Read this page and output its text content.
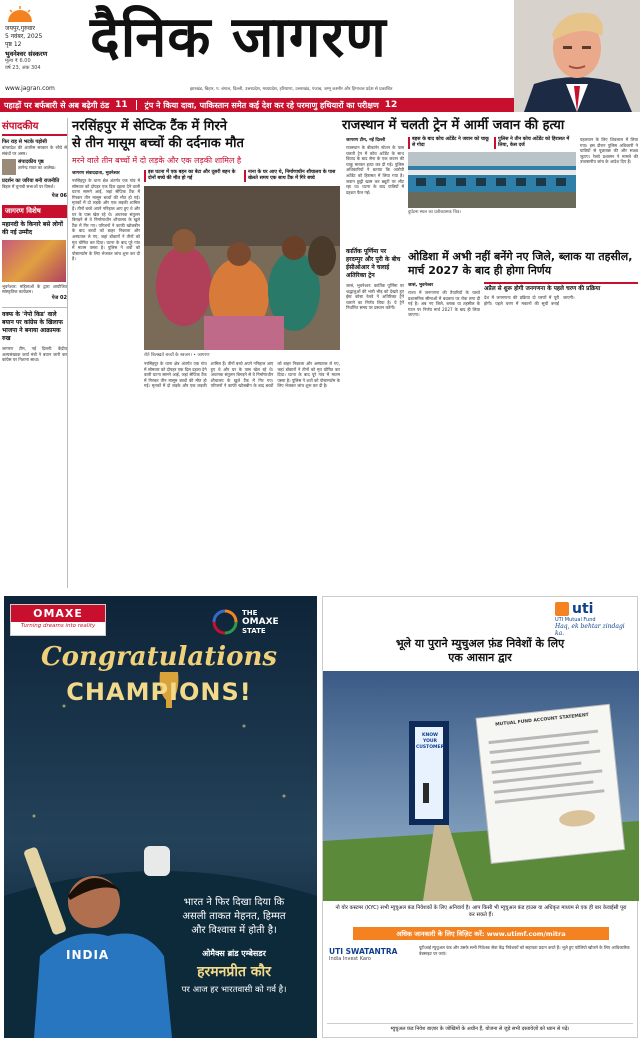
जयपुर,गुरुवार
5 नवंबर, 2025
पृष्ठ 12
भुवनेश्वर संस्करण
मूल्य ₹ 6.00
वर्ष 23, अंक 304 दैनिक जागरण
www.jagran.com	झारखंड, बिहार, प. बंगाल, दिल्ली, उत्तरप्रदेश, मध्यप्रदेश, हरियाणा, उत्तराखंड, पंजाब, जम्मू कश्मीर और हिमाचल प्रदेश से प्रकाशित
पहाड़ों पर बर्फबारी से अब बढ़ेगी ठंड 11 ट्रंप ने किया दावा, पाकिस्तान समेत कई देश कर रहे परमाणु हथियारों का परीक्षण 12
संपादकीय
फिर राह से भटके पड़ोसी
बांग्लादेश की अंतरिम सरकार के रवैये से संबंधों पर असर।
संपादकीय पृष्ठ
ज्ञानेन्द्र रावत का आलेख।
प्रदर्शन का जरिया बनी राजनीति
बिहार में चुनावी सभाओं पर विमर्श।
पेज 06
जागरण विशेष
महानदी के किनारे बसे लोगों की नई उम्मीद
भुवनेश्वर: महिलाओं के द्वारा आयोजित सांस्कृतिक कार्यक्रम।
पेज 02
वक्फ के 'नेपो किड' वाले बयान पर कांग्रेस के खिलाफ भाजपा ने बनाया आक्रामक रुख
जागरण टीम, नई दिल्ली: केंद्रीय अल्पसंख्यक कार्य मंत्री ने बयान जारी कर कांग्रेस पर निशाना साधा।
नरसिंहपुर में सेप्टिक टैंक में गिरने
से तीन मासूम बच्चों की दर्दनाक मौत
मरने वाले तीन बच्चों में दो लड़के और एक लड़की शामिल है
जागरण संवाददाता, भुवनेश्वर
नरसिंहपुर के थाना क्षेत्र अंतर्गत एक गांव में सोमवार को दोपहर एक दिल दहला देने वाली घटना सामने आई, जहां सेप्टिक टैंक में गिरकर तीन मासूम बच्चों की मौत हो गई। मृतकों में दो लड़के और एक लड़की शामिल हैं। तीनों बच्चे अपने ननिहाल आए हुए थे और घर के पास खेल रहे थे। अचानक संतुलन बिगड़ने से वे निर्माणाधीन शौचालय के खुले टैंक में गिर गए। परिजनों ने काफी खोजबीन के बाद बच्चों को बाहर निकाला और अस्पताल ले गए, जहां डॉक्टरों ने तीनों को मृत घोषित कर दिया। घटना के बाद पूरे गांव में मातम पसरा है। पुलिस ने शवों को पोस्टमार्टम के लिए भेजकर जांच शुरू कर दी है।
इस घटना में एक बहन का बेटा और दूसरी बहन के दोनों बच्चे की मौत हो गई
नाना के घर आए थे, निर्माणाधीन शौचालय के पास खेलते समय एक साथ टैंक में गिरे बच्चे
रोते बिलखते बच्चों के स्वजन। • जागरण
नरसिंहपुर के थाना क्षेत्र अंतर्गत एक गांव में सोमवार को दोपहर एक दिल दहला देने वाली घटना सामने आई, जहां सेप्टिक टैंक में गिरकर तीन मासूम बच्चों की मौत हो गई। मृतकों में दो लड़के और एक लड़की शामिल हैं। तीनों बच्चे अपने ननिहाल आए हुए थे और घर के पास खेल रहे थे। अचानक संतुलन बिगड़ने से वे निर्माणाधीन शौचालय के खुले टैंक में गिर गए। परिजनों ने काफी खोजबीन के बाद बच्चों को बाहर निकाला और अस्पताल ले गए, जहां डॉक्टरों ने तीनों को मृत घोषित कर दिया। घटना के बाद पूरे गांव में मातम पसरा है। पुलिस ने शवों को पोस्टमार्टम के लिए भेजकर जांच शुरू कर दी है।
राजस्थान में चलती ट्रेन में आर्मी जवान की हत्या
जागरण टीम, नई दिल्ली
राजस्थान के बीकानेर स्टेशन के पास चलती ट्रेन में कोच अटेंडेंट के साथ विवाद के बाद सेना के एक जवान की चाकू मारकर हत्या कर दी गई। पुलिस अधिकारियों ने बताया कि आरोपी अटेंडेंट को हिरासत में लिया गया है। जवान छुट्टी खत्म कर ड्यूटी पर लौट रहा था। घटना के बाद यात्रियों में दहशत फैल गई।
बहस के बाद कोच अटेंडेंट ने जवान को चाकू से गोदा
पुलिस ने तीन कोच अटेंडेंट को हिरासत में लिया, केस दर्ज
दुर्घटना स्थल का प्रतीकात्मक चित्र।
पहलवान के लिए शिवलाल में लिया गया। इस दौरान पुलिस अधिकारी ने यात्रियों से पूछताछ की और साक्ष्य जुटाए। रेलवे प्रशासन ने मामले की उच्चस्तरीय जांच के आदेश दिए हैं।
कार्तिक पूर्णिमा पर हरदम्पुर और पुरी के बीच ईसीओआर ने चलाई अतिरिक्त ट्रेन
जासं, भुवनेश्वर: कार्तिक पूर्णिमा पर श्रद्धालुओं की भारी भीड़ को देखते हुए ईस्ट कोस्ट रेलवे ने अतिरिक्त ट्रेनें चलाने का निर्णय लिया है। ये ट्रेनें निर्धारित समय पर प्रस्थान करेंगी।
ओडिशा में अभी नहीं बनेंगे नए जिले, ब्लाक या तहसील, मार्च 2027 के बाद ही होगा निर्णय
जासं, भुवनेश्वर
राज्य में जनगणना की तैयारियों के चलते प्रशासनिक सीमाओं में बदलाव पर रोक लगा दी गई है। अब नए जिले, ब्लाक या तहसील के गठन पर निर्णय मार्च 2027 के बाद ही लिया जाएगा।
अप्रैल से शुरू होगी जनगणना के पहले चरण की प्रक्रिया
देश में जनगणना की प्रक्रिया दो चरणों में पूरी होगी। पहले चरण में मकानों की सूची बनाई जाएगी।
OMAXE
Turning dreams into reality
THE
OMAXE
STATE
Congratulations
CHAMPIONS!
INDIA
भारत ने फिर दिखा दिया कि
असली ताकत मेहनत, हिम्मत
और विश्वास में होती है।
ओमैक्स ब्रांड एम्बेसडर
हरमनप्रीत कौर
पर आज हर भारतवासी को गर्व है।
uti
UTI Mutual Fund
Haq, ek behtar zindagi ka.
भूले या पुराने म्युचुअल फ़ंड निवेशों के लिए
एक आसान द्वार
KNOW YOUR CUSTOMER
MUTUAL FUND ACCOUNT STATEMENT
नो योर कस्टमर (KYC) सभी म्युचुअल फ़ंड निवेशकों के लिए अनिवार्य है। आप किसी भी म्युचुअल फ़ंड हाउस या अधिकृत माध्यम से एक ही बार केवाईसी पूरा कर सकते हैं।
अधिक जानकारी के लिए विज़िट करें: www.utimf.com/mitra
UTI SWATANTRA
India Invest Karo
यूटीआई म्युचुअल फंड और उसके सभी निवेशक सेवा केंद्र निवेशकों को सहायता प्रदान करते हैं। भूले हुए फोलियो खोजने के लिए आधिकारिक वेबसाइट पर जाएं।
म्युचुअल फ़ंड निवेश बाज़ार के जोखिमों के अधीन हैं, योजना से जुड़े सभी दस्तावेज़ों को ध्यान से पढ़ें।
